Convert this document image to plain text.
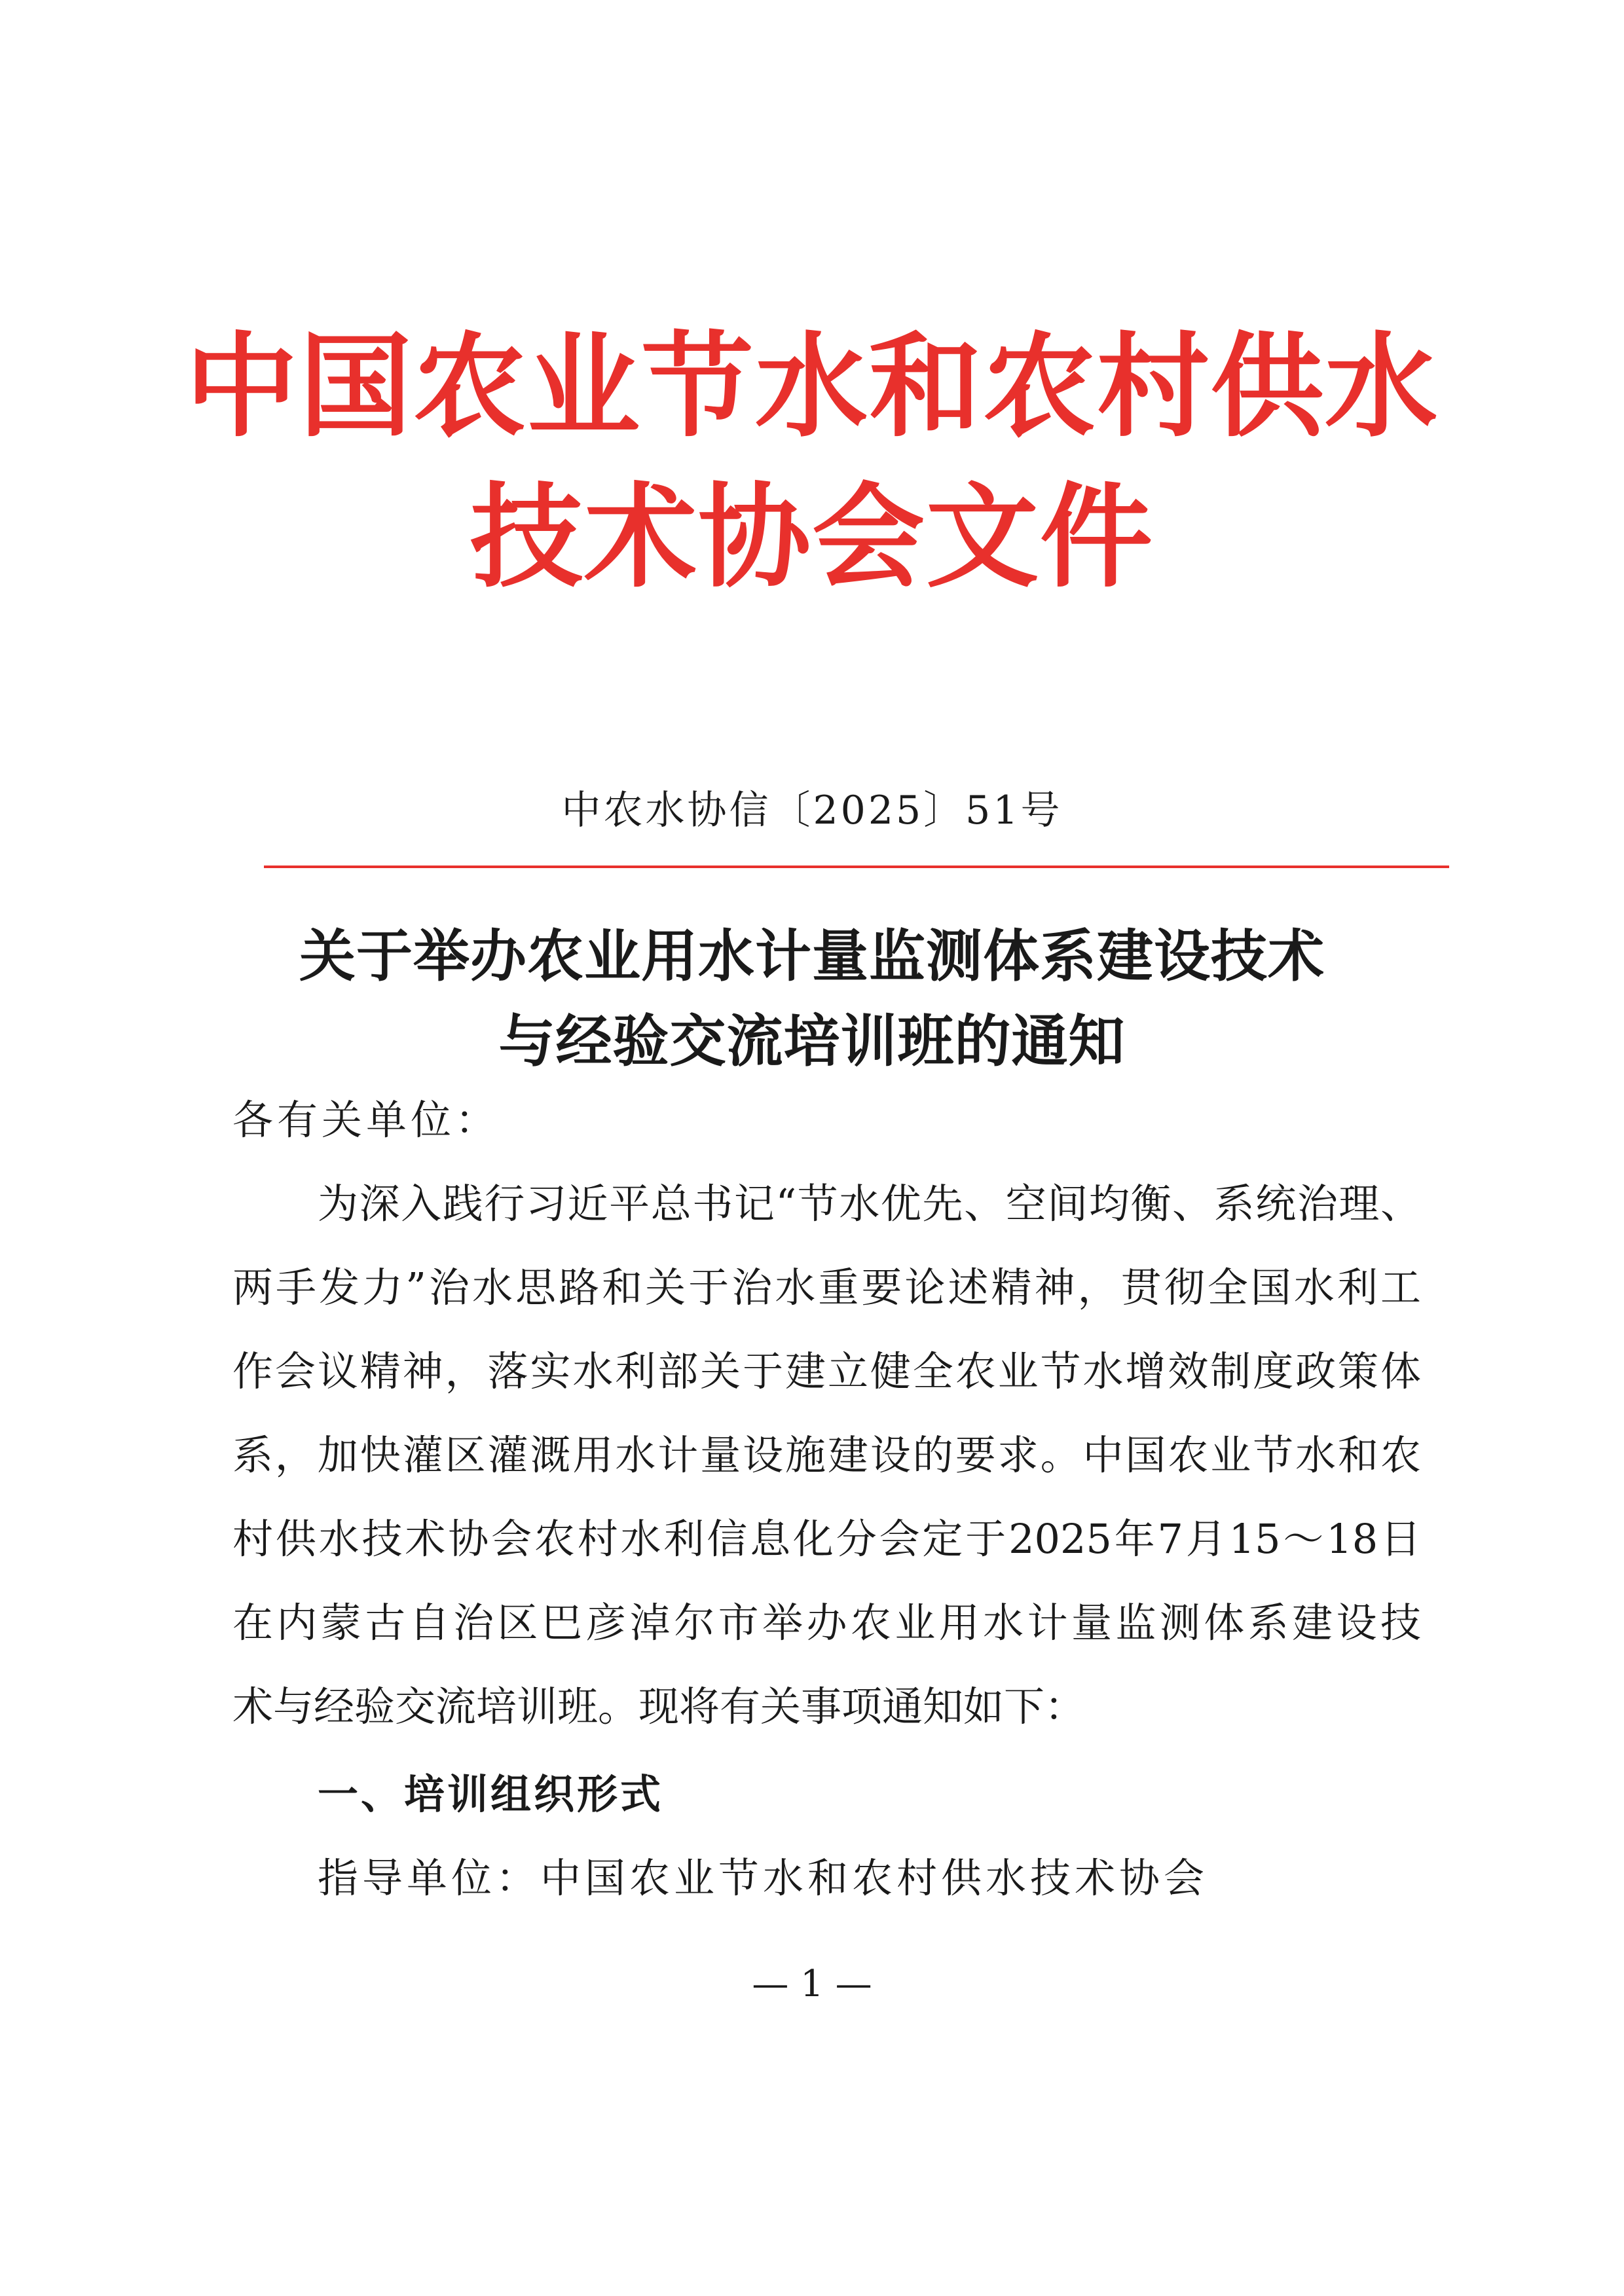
中国农业节水和农村供水
技术协会文件
中农水协信〔2025〕51号
关于举办农业用水计量监测体系建设技术
与经验交流培训班的通知
各有关单位：
为深入践行习近平总书记“节水优先、空间均衡、系统治理、
两手发力”治水思路和关于治水重要论述精神，贯彻全国水利工
作会议精神，落实水利部关于建立健全农业节水增效制度政策体
系，加快灌区灌溉用水计量设施建设的要求。中国农业节水和农
村供水技术协会农村水利信息化分会定于2025年7月15～18日
在内蒙古自治区巴彦淖尔市举办农业用水计量监测体系建设技
术与经验交流培训班。现将有关事项通知如下：
一、培训组织形式
指导单位：中国农业节水和农村供水技术协会
— 1 —
